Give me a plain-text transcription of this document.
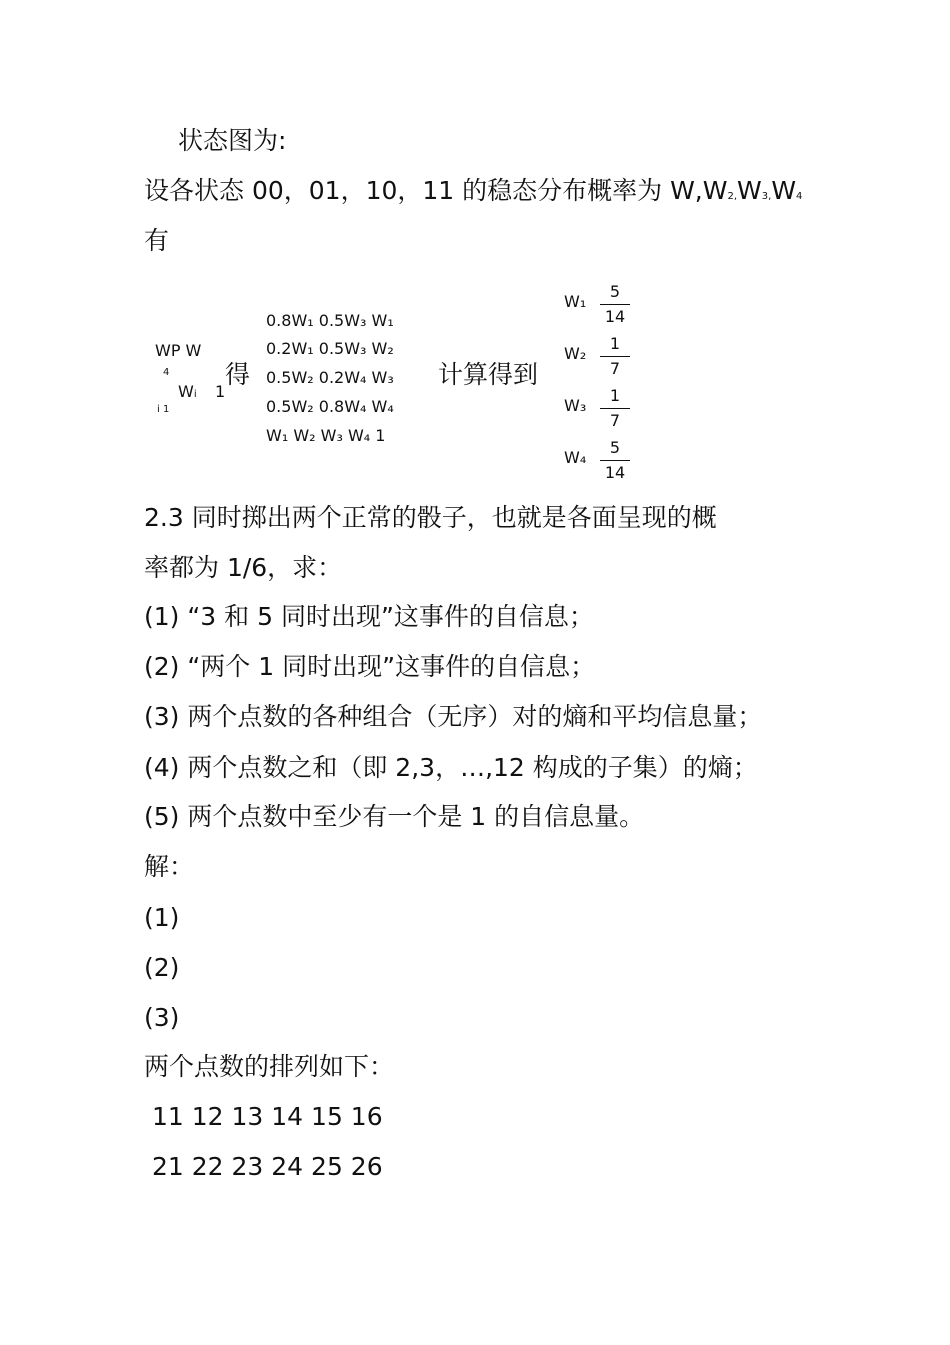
状态图为:
设各状态 00，01，10，11 的稳态分布概率为 W,W2,W3,W4
有
WP W
4
Wi 1
i 1
得
0.8W₁ 0.5W₃ W₁
0.2W₁ 0.5W₃ W₂
0.5W₂ 0.2W₄ W₃
0.5W₂ 0.8W₄ W₄
W₁ W₂ W₃ W₄ 1
计算得到
W₁
5
14
W₂
1
7
W₃
1
7
W₄
5
14
2.3 同时掷出两个正常的骰子，也就是各面呈现的概
率都为 1/6，求：
(1) “3 和 5 同时出现”这事件的自信息；
(2) “两个 1 同时出现”这事件的自信息；
(3) 两个点数的各种组合（无序）对的熵和平均信息量；
(4) 两个点数之和（即 2,3，…,12 构成的子集）的熵；
(5) 两个点数中至少有一个是 1 的自信息量。
解：
(1)
(2)
(3)
两个点数的排列如下：
11 12 13 14 15 16
21 22 23 24 25 26
